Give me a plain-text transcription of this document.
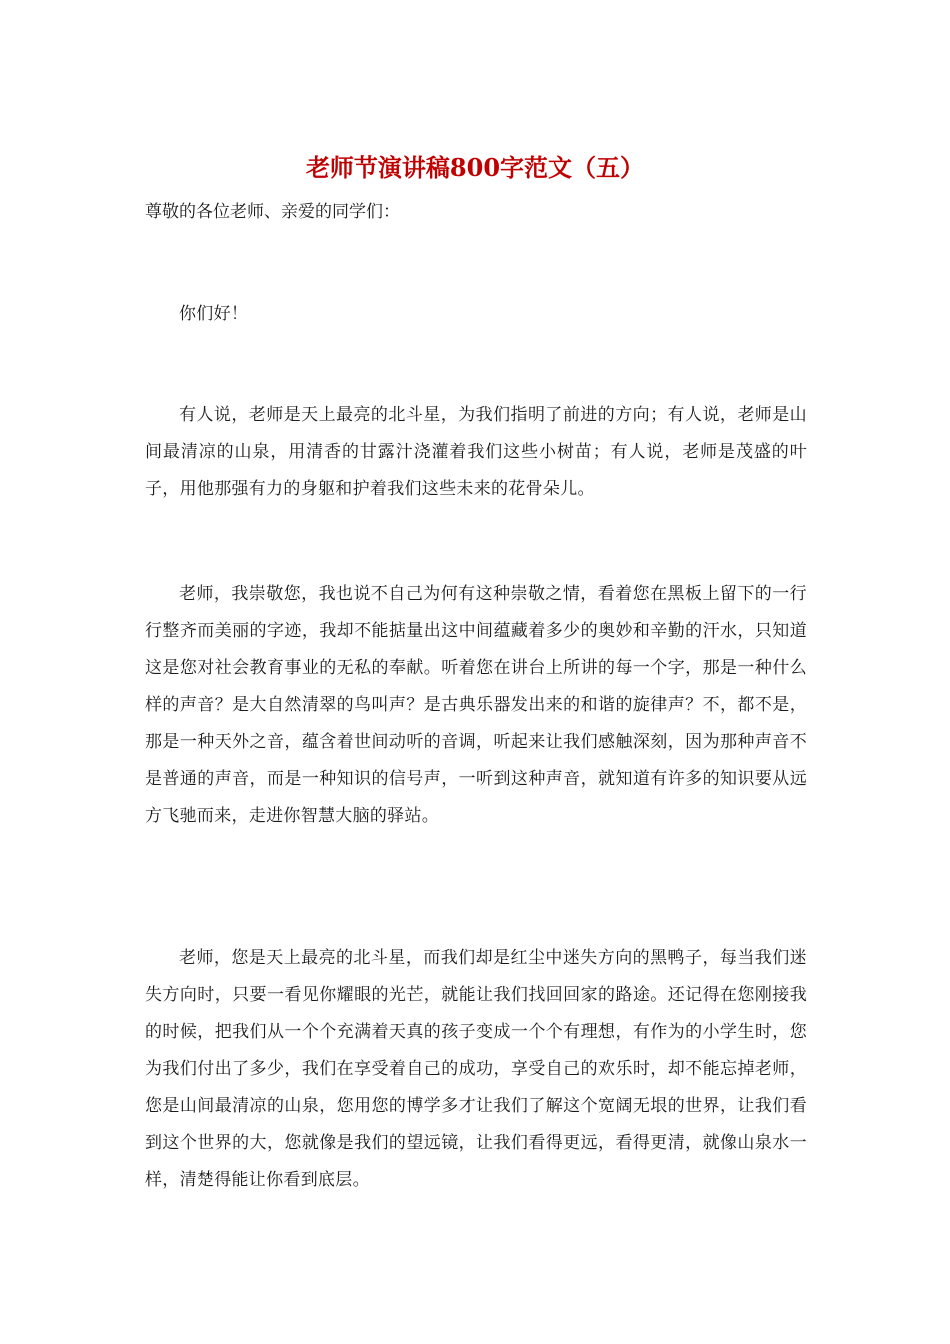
老师节演讲稿800字范文（五）

尊敬的各位老师、亲爱的同学们：

你们好！

有人说，老师是天上最亮的北斗星，为我们指明了前进的方向；有人说，老师是山间最清凉的山泉，用清香的甘露汁浇灌着我们这些小树苗；有人说，老师是茂盛的叶子，用他那强有力的身躯和护着我们这些未来的花骨朵儿。

老师，我崇敬您，我也说不自己为何有这种崇敬之情，看着您在黑板上留下的一行行整齐而美丽的字迹，我却不能掂量出这中间蕴藏着多少的奥妙和辛勤的汗水，只知道这是您对社会教育事业的无私的奉献。听着您在讲台上所讲的每一个字，那是一种什么样的声音？是大自然清翠的鸟叫声？是古典乐器发出来的和谐的旋律声？不，都不是，那是一种天外之音，蕴含着世间动听的音调，听起来让我们感触深刻，因为那种声音不是普通的声音，而是一种知识的信号声，一听到这种声音，就知道有许多的知识要从远方飞驰而来，走进你智慧大脑的驿站。

老师，您是天上最亮的北斗星，而我们却是红尘中迷失方向的黑鸭子，每当我们迷失方向时，只要一看见你耀眼的光芒，就能让我们找回回家的路途。还记得在您刚接我的时候，把我们从一个个充满着天真的孩子变成一个个有理想，有作为的小学生时，您为我们付出了多少，我们在享受着自己的成功，享受自己的欢乐时，却不能忘掉老师，您是山间最清凉的山泉，您用您的博学多才让我们了解这个宽阔无垠的世界，让我们看到这个世界的大，您就像是我们的望远镜，让我们看得更远，看得更清，就像山泉水一样，清楚得能让你看到底层。
